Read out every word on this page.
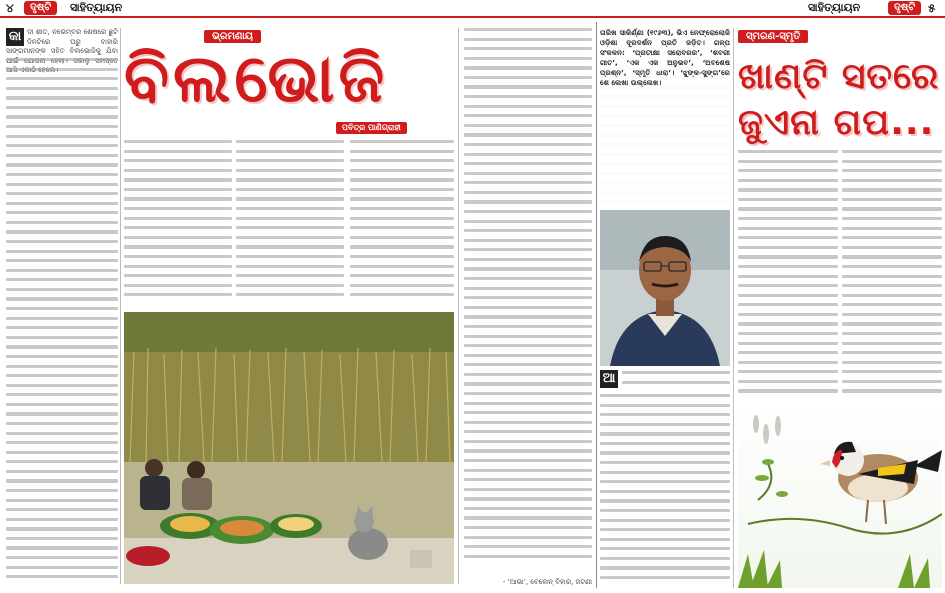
୪	ଦୃଷ୍ଟି	ସାହିତ୍ୟାୟନ	ସାହିତ୍ୟାୟନ	ଦୃଷ୍ଟି	୫

କା ଦୀ ଶୀତ, ନଭେମ୍ବର ଶେଷରେ ଛୁଟି ଦିନଟିରେ ଘରୁ ବାହାରି ସାଙ୍ଗମାନଙ୍କ ସହିତ ବିଲଭୋଜିକୁ ଯିବା

ଭ୍ରମଣାୟ
ବିଲଭୋଜି
ପବିତ୍ର ପାଣିଗ୍ରାହୀ
- ‘ଆଭା’, ବେଲେନ୍ ବିହାର, ଜଟଣୀ

ତାରିଖ ସାକିର୍ଣ୍ଣା (୧୯୬୩), ଭିଏ ନେଫ୍ରୋଲୋଜି ଓଡ଼ିଶା ଦୂରଦର୍ଶନ ପ୍ରତି ଜଡ଼ିତ। ଗଳ୍ପ ସଂକଳନ: ‘ପ୍ରତୀକ୍ଷା ସରୋବରର’, ‘ଶବରୀ ଗୀତ’, ‘ଏକ ଏକ ଅନୁଭବ’, ‘ଅବଶେଷ ପ୍ରଶ୍ନ’, ‘ସ୍ମୃତି ଧାରା’। ‘ଝୁଙ୍କ-ସୁଙ୍ଗ’ରେ ଶେ ଲେଖା ଉଲ୍ଲେଖ।

ସ୍ମରଣ-ସ୍ମୃତି
ଖାଣ୍ଟି ସତରେ
ଜୁଏନା ଗପ...

ଆ
